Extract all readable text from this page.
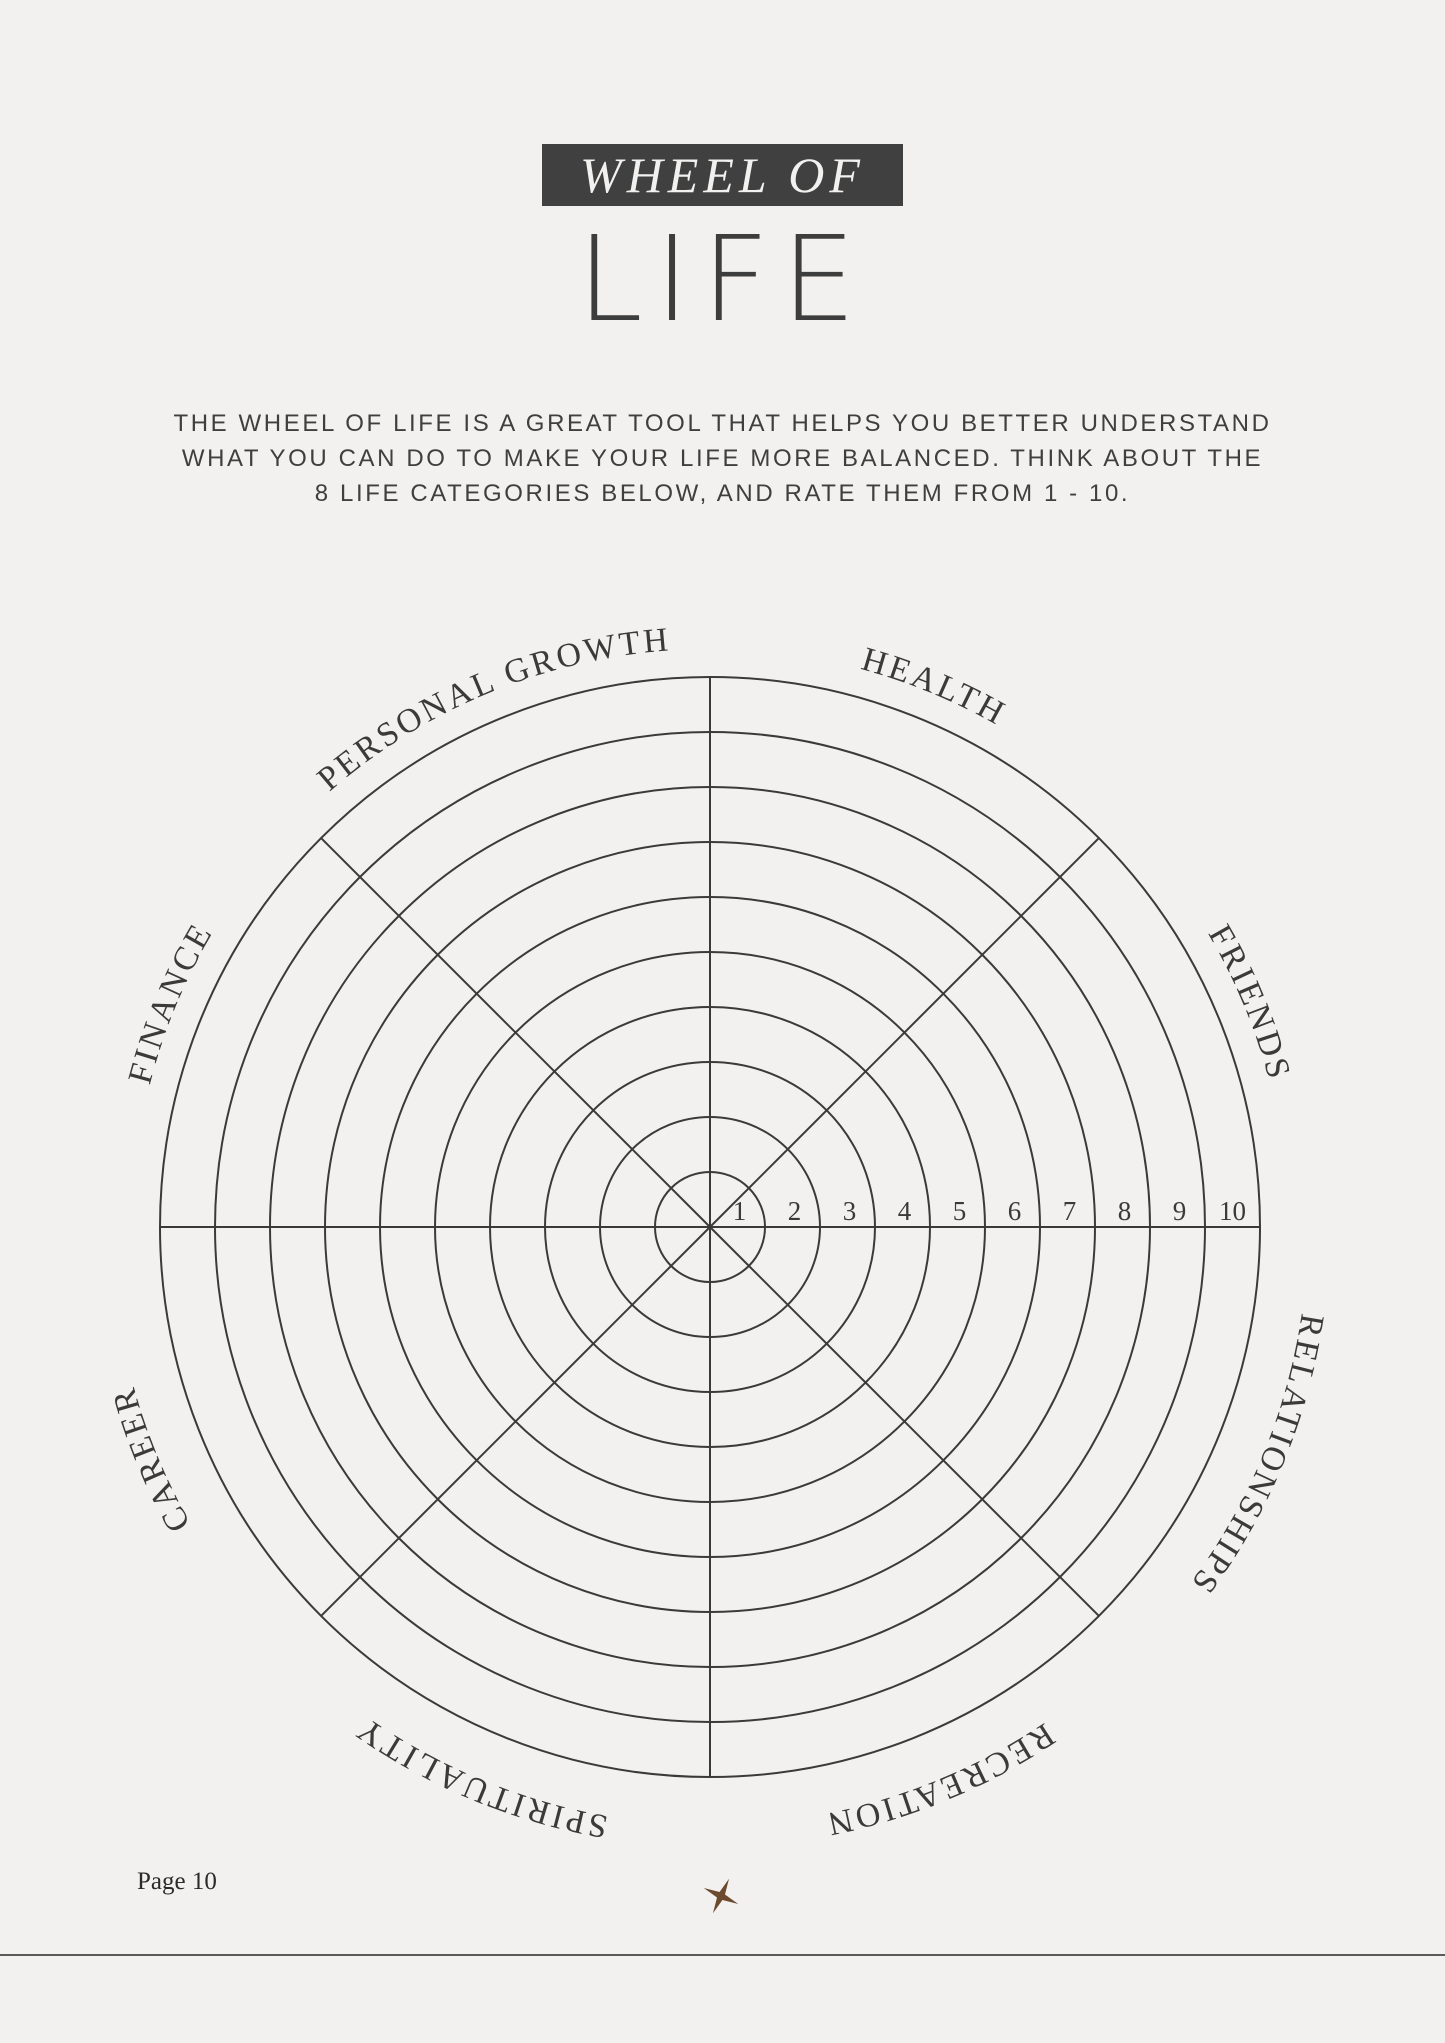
WHEEL OF
LIFE
THE WHEEL OF LIFE IS A GREAT TOOL THAT HELPS YOU BETTER UNDERSTAND
WHAT YOU CAN DO TO MAKE YOUR LIFE MORE BALANCED. THINK ABOUT THE
8 LIFE CATEGORIES BELOW, AND RATE THEM FROM 1 - 10.
1 2 3 4 5 6 7 8 9 10
HEALTH
FRIENDS
RELATIONSHIPS
RECREATION
SPIRITUALITY
CAREER
FINANCE
PERSONAL GROWTH
Page 10
